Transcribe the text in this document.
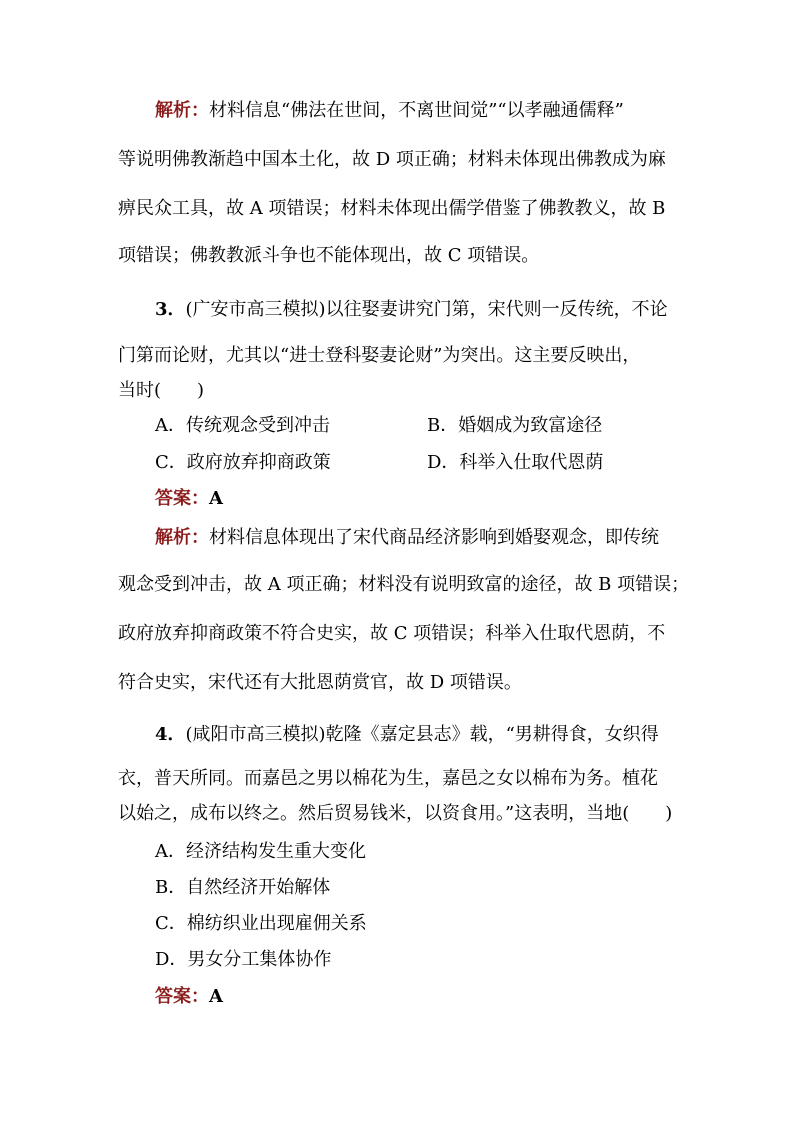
解析：材料信息“佛法在世间，不离世间觉”“以孝融通儒释”
等说明佛教渐趋中国本土化，故 D 项正确；材料未体现出佛教成为麻
痹民众工具，故 A 项错误；材料未体现出儒学借鉴了佛教教义，故 B
项错误；佛教教派斗争也不能体现出，故 C 项错误。
3．(广安市高三模拟)以往娶妻讲究门第，宋代则一反传统，不论
门第而论财，尤其以“进士登科娶妻论财”为突出。这主要反映出，
当时(　　)
A．传统观念受到冲击	B．婚姻成为致富途径
C．政府放弃抑商政策	D．科举入仕取代恩荫
答案：A
解析：材料信息体现出了宋代商品经济影响到婚娶观念，即传统
观念受到冲击，故 A 项正确；材料没有说明致富的途径，故 B 项错误；
政府放弃抑商政策不符合史实，故 C 项错误；科举入仕取代恩荫，不
符合史实，宋代还有大批恩荫赏官，故 D 项错误。
4．(咸阳市高三模拟)乾隆《嘉定县志》载，“男耕得食，女织得
衣，普天所同。而嘉邑之男以棉花为生，嘉邑之女以棉布为务。植花
以始之，成布以终之。然后贸易钱米，以资食用。”这表明，当地(　　)
A．经济结构发生重大变化
B．自然经济开始解体
C．棉纺织业出现雇佣关系
D．男女分工集体协作
答案：A
